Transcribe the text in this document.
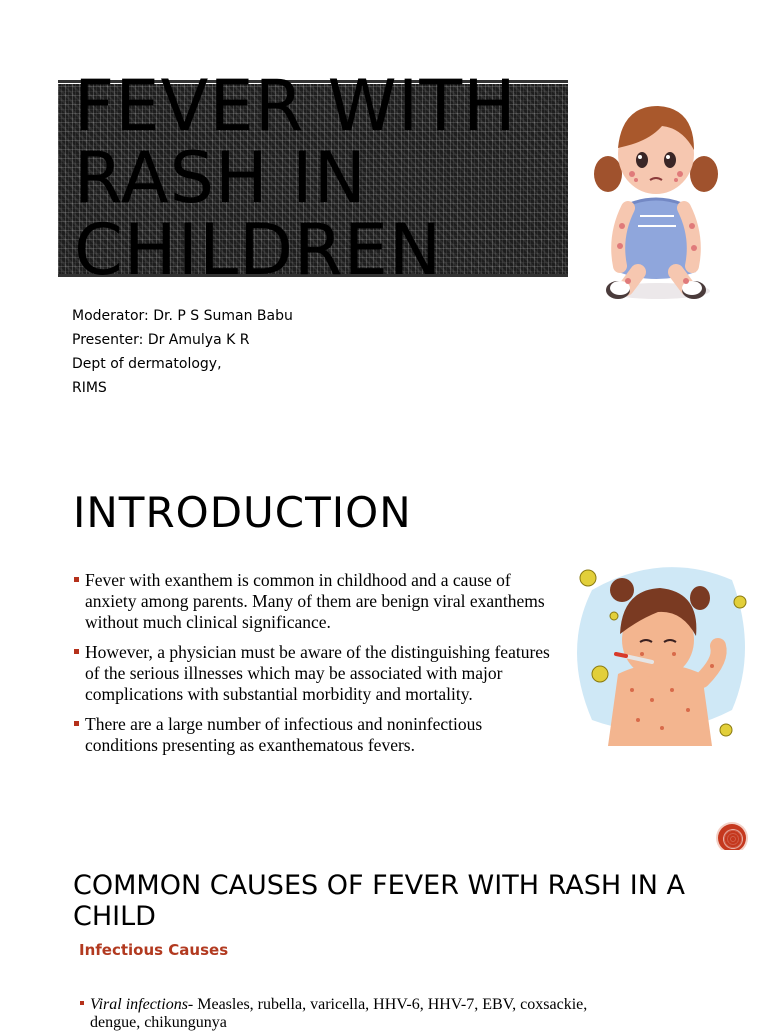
FEVER WITH RASH IN CHILDREN
Moderator: Dr. P S Suman Babu
Presenter: Dr Amulya K R
Dept of dermatology,
RIMS
INTRODUCTION
Fever with exanthem is common in childhood and a cause of anxiety among parents. Many of them are benign viral exanthems without much clinical significance.
However, a physician must be aware of the distinguishing features of the serious illnesses which may be associated with major complications with substantial morbidity and mortality.
There are a large number of infectious and noninfectious conditions presenting as exanthematous fevers.
COMMON CAUSES OF FEVER WITH RASH IN A CHILD
Infectious Causes
Viral infections- Measles, rubella, varicella, HHV-6, HHV-7, EBV, coxsackie, dengue, chikungunya
